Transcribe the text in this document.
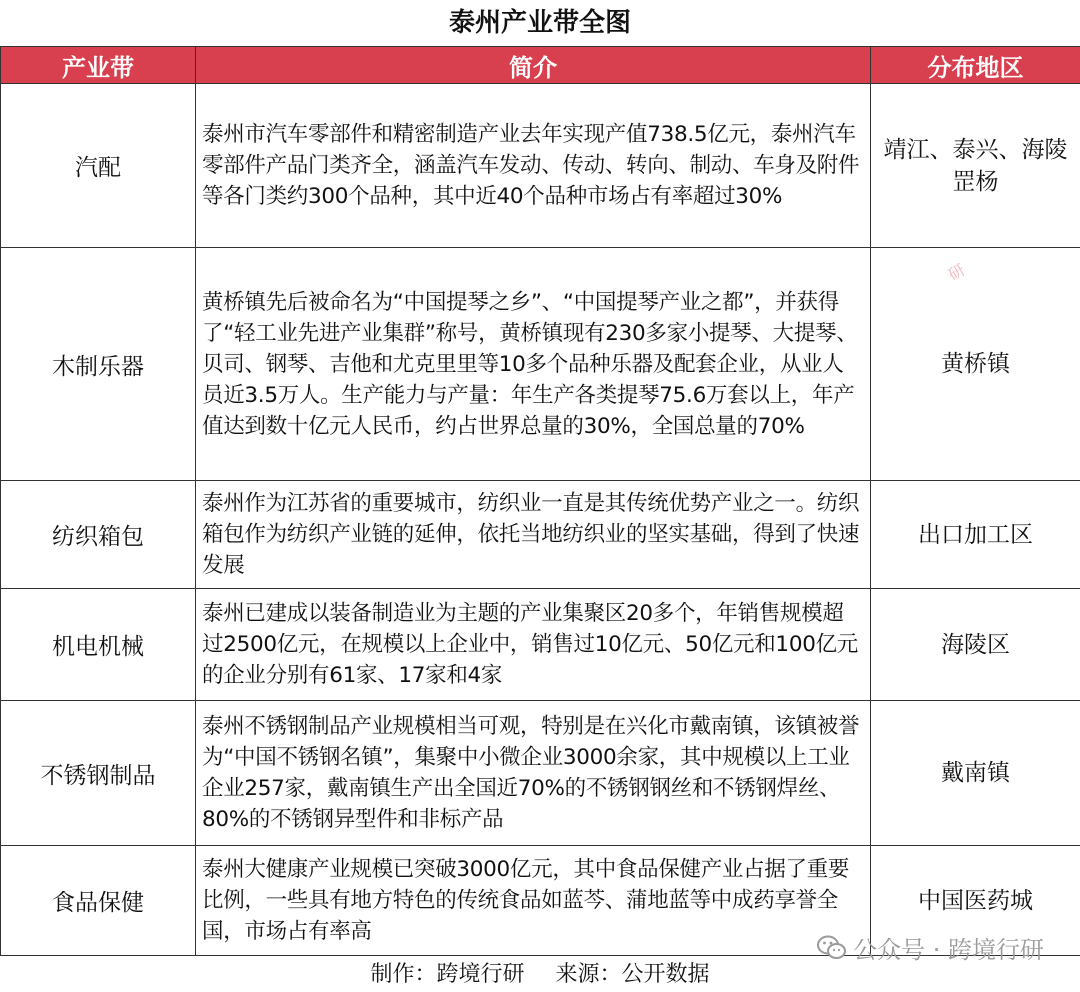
泰州产业带全图
产业带	简介	分布地区
汽配	泰州市汽车零部件和精密制造产业去年实现产值738.5亿元，泰州汽车零部件产品门类齐全，涵盖汽车发动、传动、转向、制动、车身及附件等各门类约300个品种，其中近40个品种市场占有率超过30%	靖江、泰兴、海陵罡杨
木制乐器	黄桥镇先后被命名为“中国提琴之乡”、“中国提琴产业之都”，并获得了“轻工业先进产业集群”称号，黄桥镇现有230多家小提琴、大提琴、贝司、钢琴、吉他和尤克里里等10多个品种乐器及配套企业，从业人员近3.5万人。生产能力与产量：年生产各类提琴75.6万套以上，年产值达到数十亿元人民币，约占世界总量的30%，全国总量的70%	黄桥镇
纺织箱包	泰州作为江苏省的重要城市，纺织业一直是其传统优势产业之一。纺织箱包作为纺织产业链的延伸，依托当地纺织业的坚实基础，得到了快速发展	出口加工区
机电机械	泰州已建成以装备制造业为主题的产业集聚区20多个，年销售规模超过2500亿元，在规模以上企业中，销售过10亿元、50亿元和100亿元的企业分别有61家、17家和4家	海陵区
不锈钢制品	泰州不锈钢制品产业规模相当可观，特别是在兴化市戴南镇，该镇被誉为“中国不锈钢名镇”，集聚中小微企业3000余家，其中规模以上工业企业257家，戴南镇生产出全国近70%的不锈钢钢丝和不锈钢焊丝、80%的不锈钢异型件和非标产品	戴南镇
食品保健	泰州大健康产业规模已突破3000亿元，其中食品保健产业占据了重要比例，一些具有地方特色的传统食品如蓝芩、蒲地蓝等中成药享誉全国，市场占有率高	中国医药城
研
公众号 · 跨境行研
制作：跨境行研 来源：公开数据
